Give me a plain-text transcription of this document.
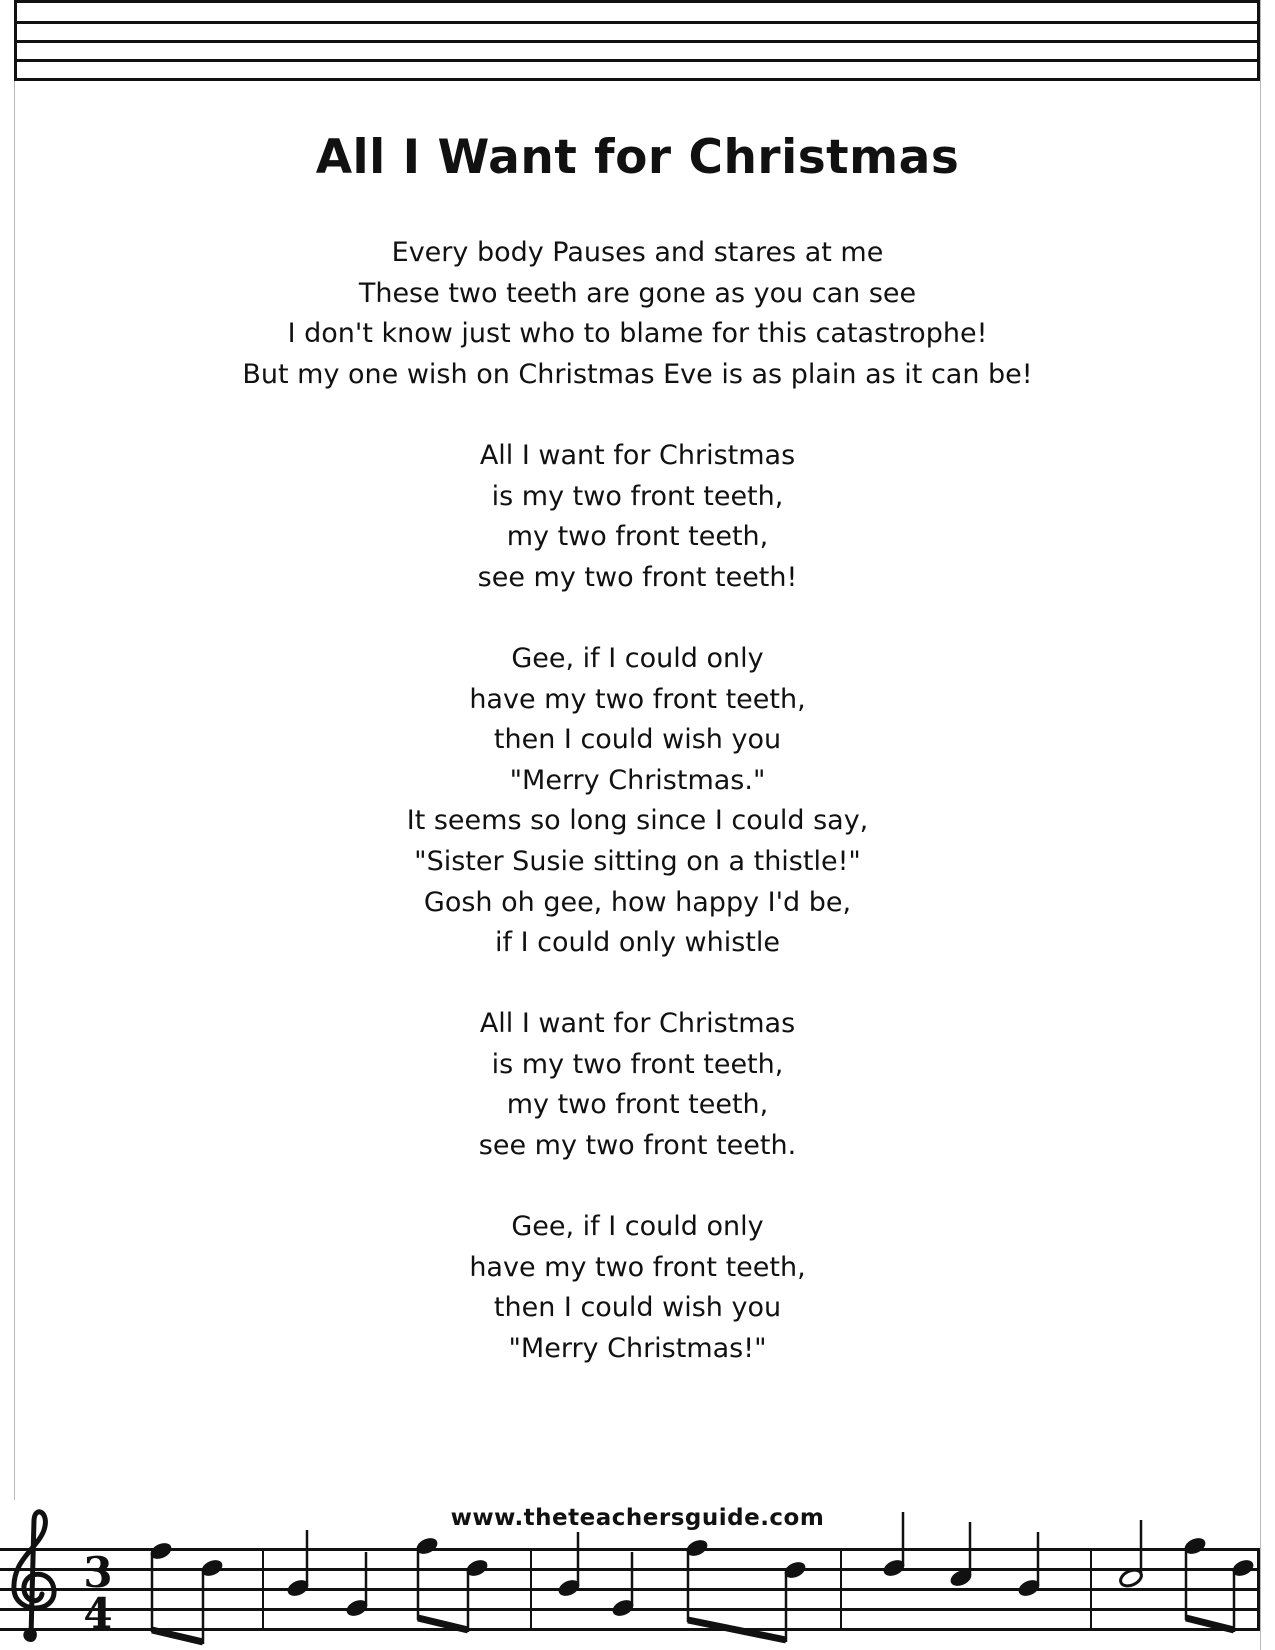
All I Want for Christmas
Every body Pauses and stares at me
These two teeth are gone as you can see
I don't know just who to blame for this catastrophe!
But my one wish on Christmas Eve is as plain as it can be!
All I want for Christmas
is my two front teeth,
my two front teeth,
see my two front teeth!
Gee, if I could only
have my two front teeth,
then I could wish you
"Merry Christmas."
It seems so long since I could say,
"Sister Susie sitting on a thistle!"
Gosh oh gee, how happy I'd be,
if I could only whistle
All I want for Christmas
is my two front teeth,
my two front teeth,
see my two front teeth.
Gee, if I could only
have my two front teeth,
then I could wish you
"Merry Christmas!"
3
4
www.theteachersguide.com
